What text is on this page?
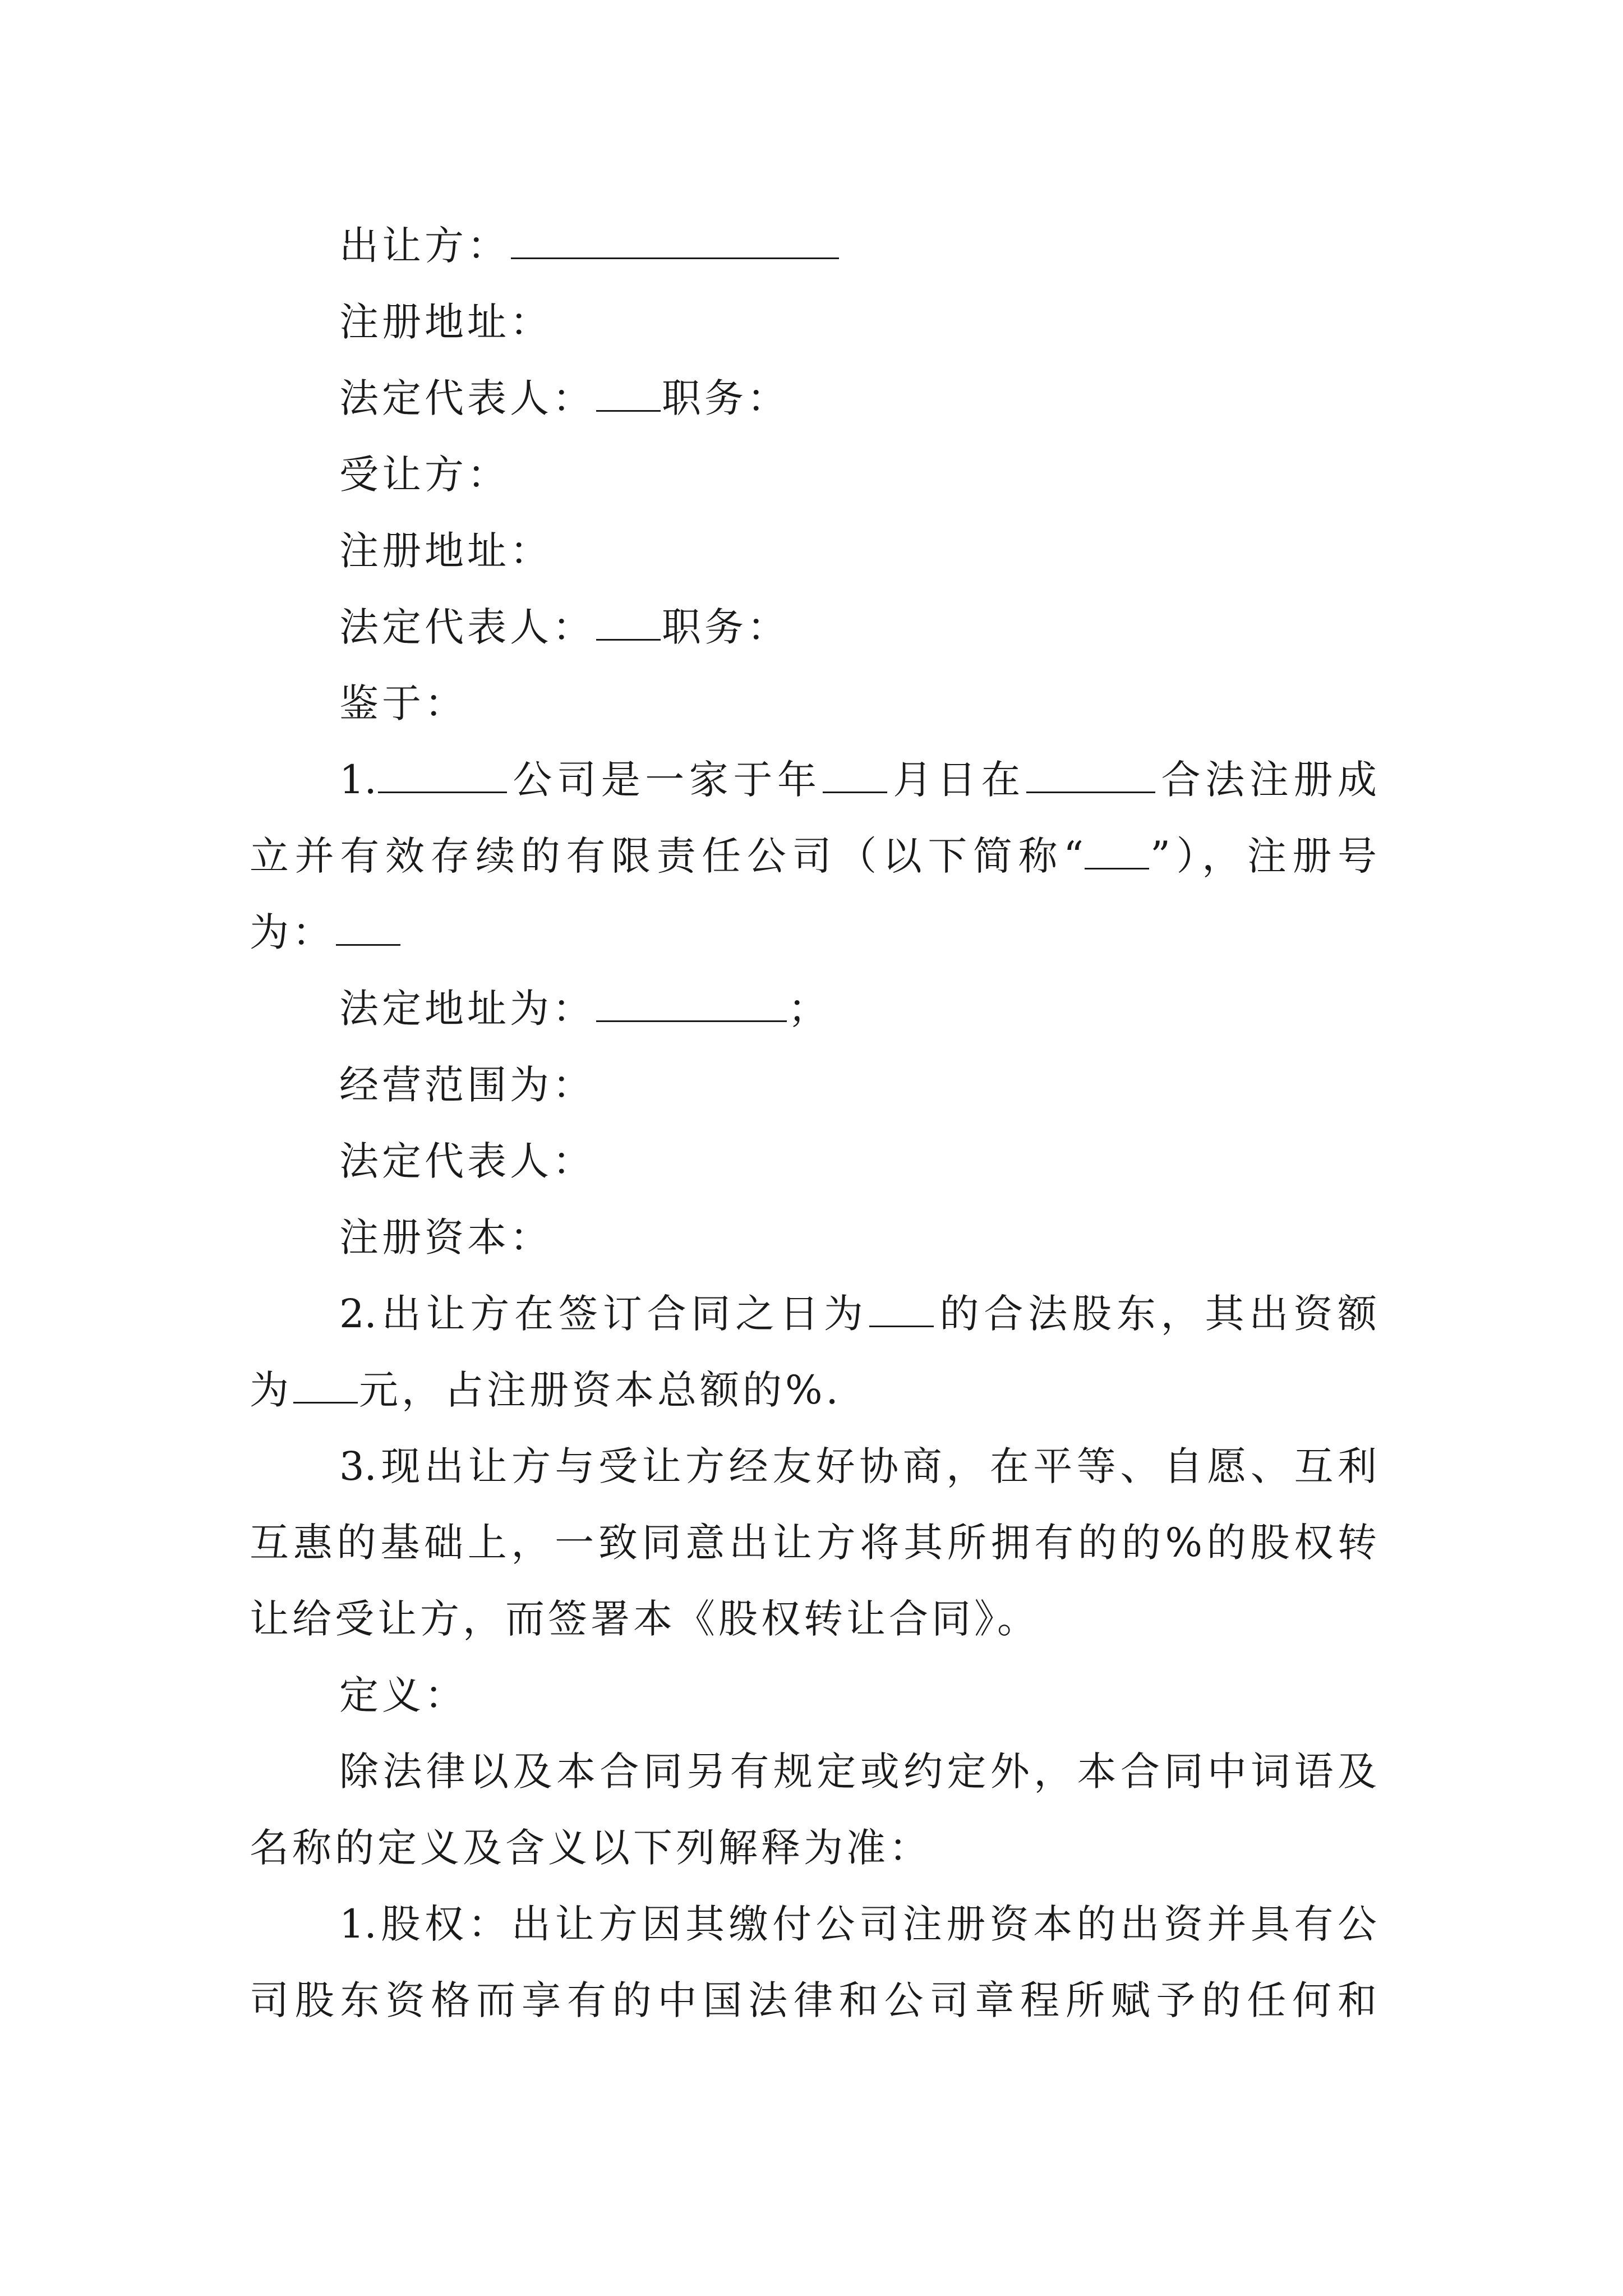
出让方：
注册地址：
法定代表人： 职务：
受让方：
注册地址：
法定代表人： 职务：
鉴于：
1.	公司是一家于年 月日在	合法注册成
立并有效存续的有限责任公司（以下简称“ ”），注册号
为：
法定地址为：	；
经营范围为：
法定代表人：
注册资本：
2.出让方在签订合同之日为 的合法股东，其出资额
为 元，占注册资本总额的%.
3.现出让方与受让方经友好协商，在平等、自愿、互利
互惠的基础上，一致同意出让方将其所拥有的的%的股权转
让给受让方，而签署本《股权转让合同》。
定义：
除法律以及本合同另有规定或约定外，本合同中词语及
名称的定义及含义以下列解释为准：
1.股权：出让方因其缴付公司注册资本的出资并具有公
司股东资格而享有的中国法律和公司章程所赋予的任何和
